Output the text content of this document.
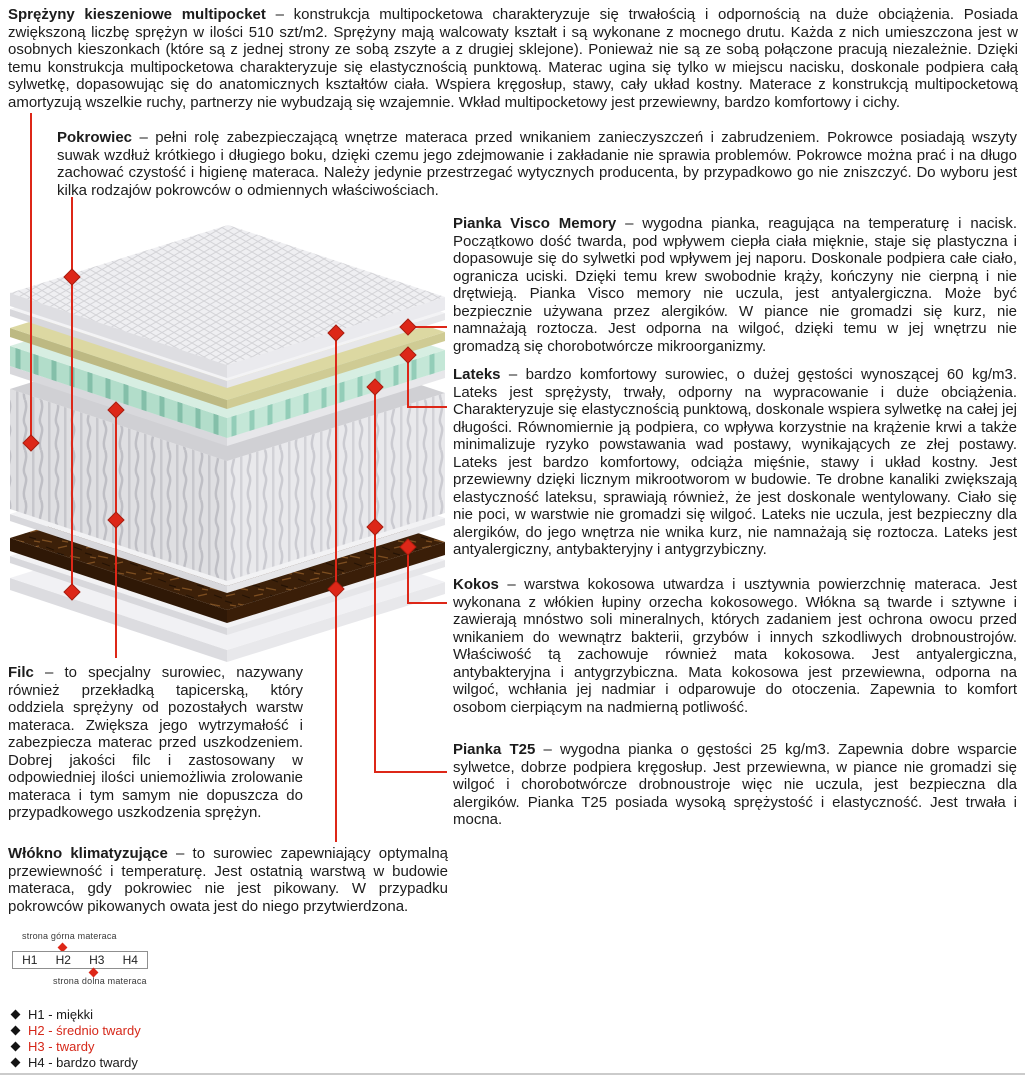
Sprężyny kieszeniowe multipocket – konstrukcja multipocketowa charakteryzuje się trwałością i odpornością na duże obciążenia. Posiada zwiększoną liczbę sprężyn w ilości 510 szt/m2. Sprężyny mają walcowaty kształt i są wykonane z mocnego drutu. Każda z nich umieszczona jest w osobnych kieszonkach (które są z jednej strony ze sobą zszyte a z drugiej sklejone). Ponieważ nie są ze sobą połączone pracują niezależnie. Dzięki temu konstrukcja multipocketowa charakteryzuje się elastycznością punktową. Materac ugina się tylko w miejscu nacisku, doskonale podpiera całą sylwetkę, dopasowując się do anatomicznych kształtów ciała. Wspiera kręgosłup, stawy, cały układ kostny. Materace z konstrukcją multipocketową amortyzują wszelkie ruchy, partnerzy nie wybudzają się wzajemnie. Wkład multipocketowy jest przewiewny, bardzo komfortowy i cichy.
Pokrowiec – pełni rolę zabezpieczającą wnętrze materaca przed wnikaniem zanieczyszczeń i zabrudzeniem. Pokrowce posiadają wszyty suwak wzdłuż krótkiego i długiego boku, dzięki czemu jego zdejmowanie i zakładanie nie sprawia problemów. Pokrowce można prać i na długo zachować czystość i higienę materaca. Należy jedynie przestrzegać wytycznych producenta, by przypadkowo go nie zniszczyć. Do wyboru jest kilka rodzajów pokrowców o odmiennych właściwościach.
Pianka Visco Memory – wygodna pianka, reagująca na temperaturę i nacisk. Początkowo dość twarda, pod wpływem ciepła ciała mięknie, staje się plastyczna i dopasowuje się do sylwetki pod wpływem jej naporu. Doskonale podpiera całe ciało, ogranicza uciski. Dzięki temu krew swobodnie krąży, kończyny nie cierpną i nie drętwieją. Pianka Visco memory nie uczula, jest antyalergiczna. Może być bezpiecznie używana przez alergików. W piance nie gromadzi się kurz, nie namnażają roztocza. Jest odporna na wilgoć, dzięki temu w jej wnętrzu nie gromadzą się chorobotwórcze mikroorganizmy.
Lateks – bardzo komfortowy surowiec, o dużej gęstości wynoszącej 60 kg/m3. Lateks jest sprężysty, trwały, odporny na wypracowanie i duże obciążenia. Charakteryzuje się elastycznością punktową, doskonale wspiera sylwetkę na całej jej długości. Równomiernie ją podpiera, co wpływa korzystnie na krążenie krwi a także minimalizuje ryzyko powstawania wad postawy, wynikających ze złej postawy. Lateks jest bardzo komfortowy, odciąża mięśnie, stawy i układ kostny. Jest przewiewny dzięki licznym mikrootworom w budowie. Te drobne kanaliki zwiększają elastyczność lateksu, sprawiają również, że jest doskonale wentylowany. Ciało się nie poci, w warstwie nie gromadzi się wilgoć. Lateks nie uczula, jest bezpieczny dla alergików, do jego wnętrza nie wnika kurz, nie namnażają się roztocza. Lateks jest antyalergiczny, antybakteryjny i antygrzybiczny.
Kokos – warstwa kokosowa utwardza i usztywnia powierzchnię materaca. Jest wykonana z włókien łupiny orzecha kokosowego. Włókna są twarde i sztywne i zawierają mnóstwo soli mineralnych, których zadaniem jest ochrona owocu przed wnikaniem do wewnątrz bakterii, grzybów i innych szkodliwych drobnoustrojów. Właściwość tą zachowuje również mata kokosowa. Jest antyalergiczna, antybakteryjna i antygrzybiczna. Mata kokosowa jest przewiewna, odporna na wilgoć, wchłania jej nadmiar i odparowuje do otoczenia. Zapewnia to komfort osobom cierpiącym na nadmierną potliwość.
Pianka T25 – wygodna pianka o gęstości 25 kg/m3. Zapewnia dobre wsparcie sylwetce, dobrze podpiera kręgosłup. Jest przewiewna, w piance nie gromadzi się wilgoć i chorobotwórcze drobnoustroje więc nie uczula, jest bezpieczna dla alergików. Pianka T25 posiada wysoką sprężystość i elastyczność. Jest trwała i mocna.
Filc – to specjalny surowiec, nazywany również przekładką tapicerską, który oddziela sprężyny od pozostałych warstw materaca. Zwiększa jego wytrzymałość i zabezpiecza materac przed uszkodzeniem. Dobrej jakości filc i zastosowany w odpowiedniej ilości uniemożliwia zrolowanie materaca i tym samym nie dopuszcza do przypadkowego uszkodzenia sprężyn.
Włókno klimatyzujące – to surowiec zapewniający optymalną przewiewność i temperaturę. Jest ostatnią warstwą w budowie materaca, gdy pokrowiec nie jest pikowany. W przypadku pokrowców pikowanych owata jest do niego przytwierdzona.
strona górna materaca
H1	H2	H3	H4
strona dolna materaca
H1 - miękki
H2 - średnio twardy
H3 - twardy
H4 - bardzo twardy
